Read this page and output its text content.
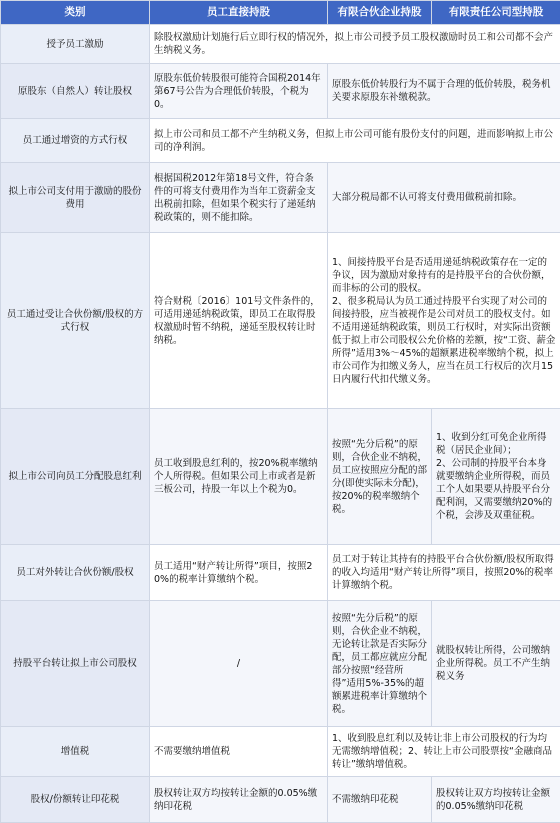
类别	员工直接持股	有限合伙企业持股	有限责任公司型持股
授予员工激励	除股权激励计划施行后立即行权的情况外，拟上市公司授予员工股权激励时员工和公司都不会产生纳税义务。		
原股东（自然人）转让股权	原股东低价转股很可能符合国税2014年第67号公告为合理低价转股，个税为0。	原股东低价转股行为不属于合理的低价转股，税务机关要求原股东补缴税款。	
员工通过增资的方式行权	拟上市公司和员工都不产生纳税义务，但拟上市公司可能有股份支付的问题，进而影响拟上市公司的净利润。		
拟上市公司支付用于激励的股份费用	根据国税2012年第18号文件，符合条件的可将支付费用作为当年工资薪金支出税前扣除，但如果个税实行了递延纳税政策的，则不能扣除。	大部分税局都不认可将支付费用做税前扣除。	
员工通过受让合伙份额/股权的方式行权	符合财税〔2016〕101号文件条件的，可适用递延纳税政策，即员工在取得股权激励时暂不纳税，递延至股权转让时纳税。	1、间接持股平台是否适用递延纳税政策存在一定的争议，因为激励对象持有的是持股平台的合伙份额，而非标的公司的股权。
2、很多税局认为员工通过持股平台实现了对公司的间接持股，应当被视作是公司对员工的股权支付。如不适用递延纳税政策，则员工行权时，对实际出资额低于拟上市公司股权公允价格的差额，按“工资、薪金所得”适用3%～45%的超额累进税率缴纳个税，拟上市公司作为扣缴义务人，应当在员工行权后的次月15日内履行代扣代缴义务。	
拟上市公司向员工分配股息红利	员工收到股息红利的，按20%税率缴纳个人所得税。但如果公司上市或者是新三板公司，持股一年以上个税为0。	按照“先分后税”的原则，合伙企业不纳税，员工应按照应分配的部分(即使实际未分配)，按20%的税率缴纳个税。	1、收到分红可免企业所得税（居民企业间）；
2、公司制的持股平台本身就要缴纳企业所得税，而员工个人如果要从持股平台分配利润，又需要缴纳20%的个税，会涉及双重征税。
员工对外转让合伙份额/股权	员工适用“财产转让所得”项目，按照20%的税率计算缴纳个税。	员工对于转让其持有的持股平台合伙份额/股权所取得的收入均适用“财产转让所得”项目，按照20%的税率计算缴纳个税。	
持股平台转让拟上市公司股权	/	按照“先分后税”的原则，合伙企业不纳税，无论转让款是否实际分配，员工都应就应分配部分按照“经营所得”适用5%-35%的超额累进税率计算缴纳个税。	就股权转让所得，公司缴纳企业所得税。员工不产生纳税义务
增值税	不需要缴纳增值税	1、收到股息红利以及转让非上市公司股权的行为均无需缴纳增值税；2、转让上市公司股票按“金融商品转让”缴纳增值税。	
股权/份额转让印花税	股权转让双方均按转让金额的0.05%缴纳印花税	不需缴纳印花税	股权转让双方均按转让金额的0.05%缴纳印花税
